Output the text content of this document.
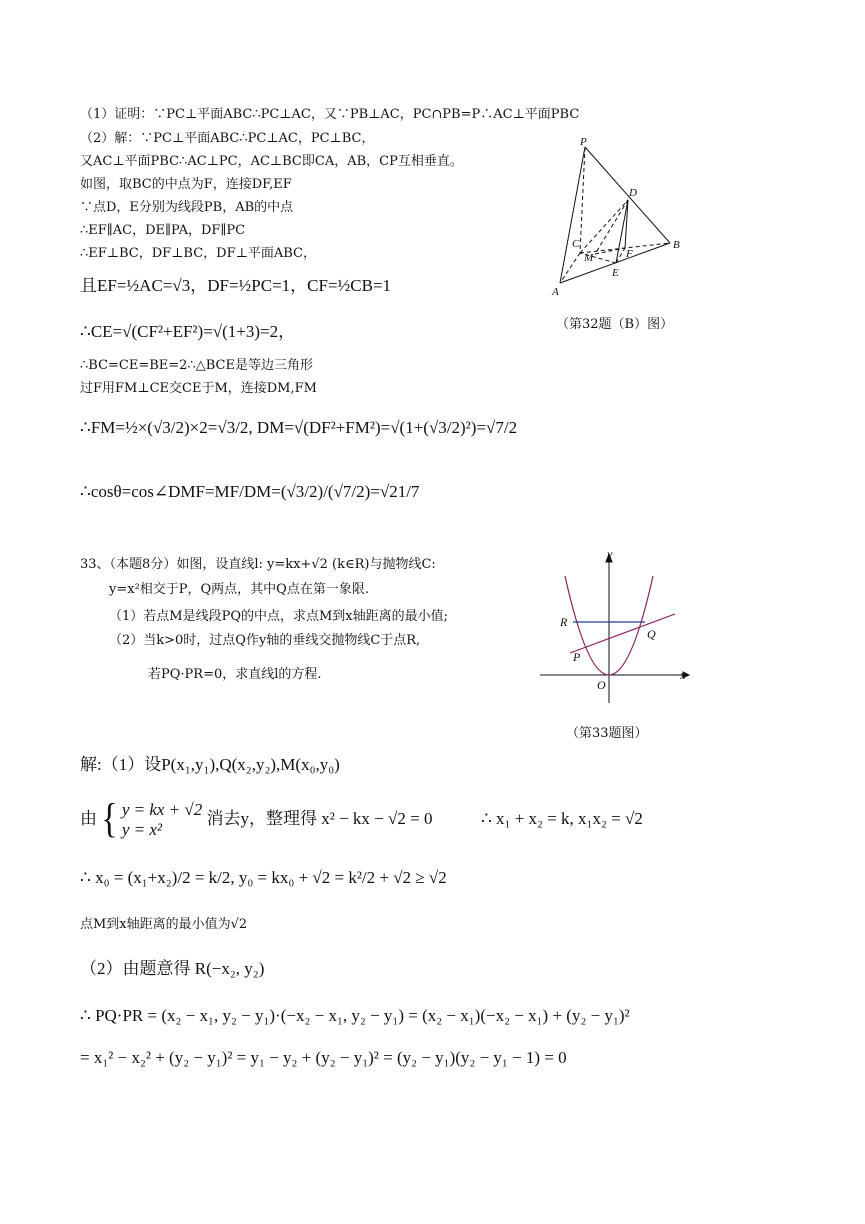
（1）证明：∵PC⊥平面ABC∴PC⊥AC，又∵PB⊥AC，PC∩PB=P∴AC⊥平面PBC
（2）解：∵PC⊥平面ABC∴PC⊥AC，PC⊥BC，
又AC⊥平面PBC∴AC⊥PC，AC⊥BC即CA，AB，CP互相垂直。
如图，取BC的中点为F，连接DF,EF
∵点D，E分别为线段PB，AB的中点
∴EF∥AC，DE∥PA，DF∥PC
∴EF⊥BC，DF⊥BC，DF⊥平面ABC，
且EF=½AC=√3，DF=½PC=1，CF=½CB=1
∴CE=√(CF²+EF²)=√(1+3)=2，
∴BC=CE=BE=2∴△BCE是等边三角形
过F用FM⊥CE交CE于M，连接DM,FM
∴FM=½×(√3/2)×2=√3/2, DM=√(DF²+FM²)=√(1+(√3/2)²)=√7/2
∴cosθ=cos∠DMF=MF/DM=(√3/2)/(√7/2)=√21/7
P
D
C
M	F
B
E
A
（第32题（B）图）
33、（本题8分）如图，设直线l: y=kx+√2 (k∈R)与抛物线C:
y=x²相交于P，Q两点，其中Q点在第一象限.
（1）若点M是线段PQ的中点，求点M到x轴距离的最小值;
（2）当k>0时，过点Q作y轴的垂线交抛物线C于点R,
若PQ·PR=0，求直线l的方程.
y
R
Q
P
O
x
（第33题图）
解:（1）设P(x₁,y₁),Q(x₂,y₂),M(x₀,y₀)
由 { y = kx + √2
y = x²
消去y，整理得 x² − kx − √2 = 0	∴ x₁ + x₂ = k, x₁x₂ = √2
∴ x₀ = (x₁+x₂)/2 = k/2, y₀ = kx₀ + √2 = k²/2 + √2 ≥ √2
点M到x轴距离的最小值为√2
（2）由题意得 R(−x₂, y₂)
∴ PQ·PR = (x₂ − x₁, y₂ − y₁)·(−x₂ − x₁, y₂ − y₁) = (x₂ − x₁)(−x₂ − x₁) + (y₂ − y₁)²
= x₁² − x₂² + (y₂ − y₁)² = y₁ − y₂ + (y₂ − y₁)² = (y₂ − y₁)(y₂ − y₁ − 1) = 0
